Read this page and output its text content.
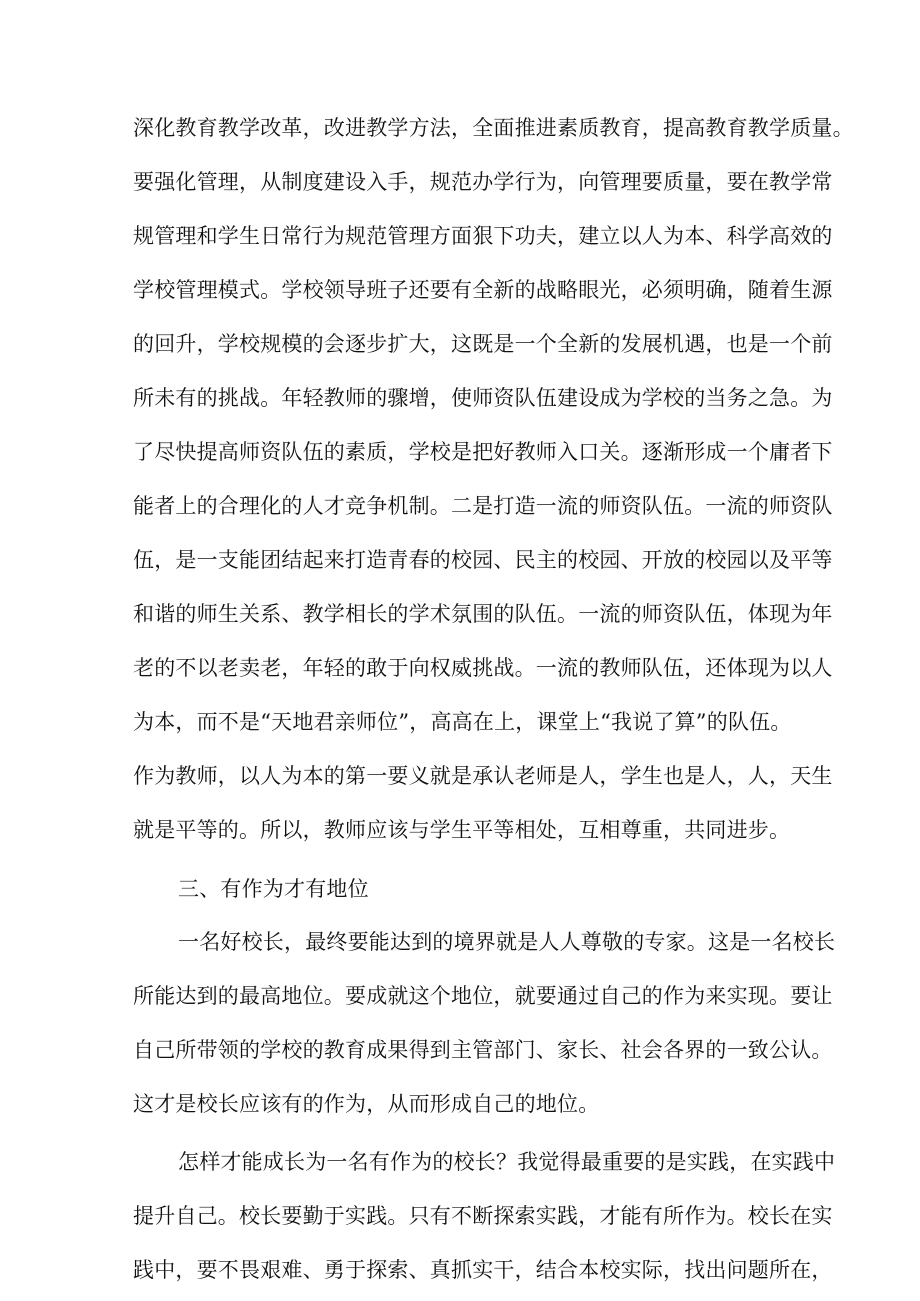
深化教育教学改革，改进教学方法，全面推进素质教育，提高教育教学质量。
要强化管理，从制度建设入手，规范办学行为，向管理要质量，要在教学常
规管理和学生日常行为规范管理方面狠下功夫，建立以人为本、科学高效的
学校管理模式。学校领导班子还要有全新的战略眼光，必须明确，随着生源
的回升，学校规模的会逐步扩大，这既是一个全新的发展机遇，也是一个前
所未有的挑战。年轻教师的骤增，使师资队伍建设成为学校的当务之急。为
了尽快提高师资队伍的素质，学校是把好教师入口关。逐渐形成一个庸者下
能者上的合理化的人才竞争机制。二是打造一流的师资队伍。一流的师资队
伍，是一支能团结起来打造青春的校园、民主的校园、开放的校园以及平等
和谐的师生关系、教学相长的学术氛围的队伍。一流的师资队伍，体现为年
老的不以老卖老，年轻的敢于向权威挑战。一流的教师队伍，还体现为以人
为本，而不是“天地君亲师位”，高高在上，课堂上“我说了算”的队伍。
作为教师，以人为本的第一要义就是承认老师是人，学生也是人，人，天生
就是平等的。所以，教师应该与学生平等相处，互相尊重，共同进步。
三、有作为才有地位
一名好校长，最终要能达到的境界就是人人尊敬的专家。这是一名校长
所能达到的最高地位。要成就这个地位，就要通过自己的作为来实现。要让
自己所带领的学校的教育成果得到主管部门、家长、社会各界的一致公认。
这才是校长应该有的作为，从而形成自己的地位。
怎样才能成长为一名有作为的校长？我觉得最重要的是实践，在实践中
提升自己。校长要勤于实践。只有不断探索实践，才能有所作为。校长在实
践中，要不畏艰难、勇于探索、真抓实干，结合本校实际，找出问题所在，
